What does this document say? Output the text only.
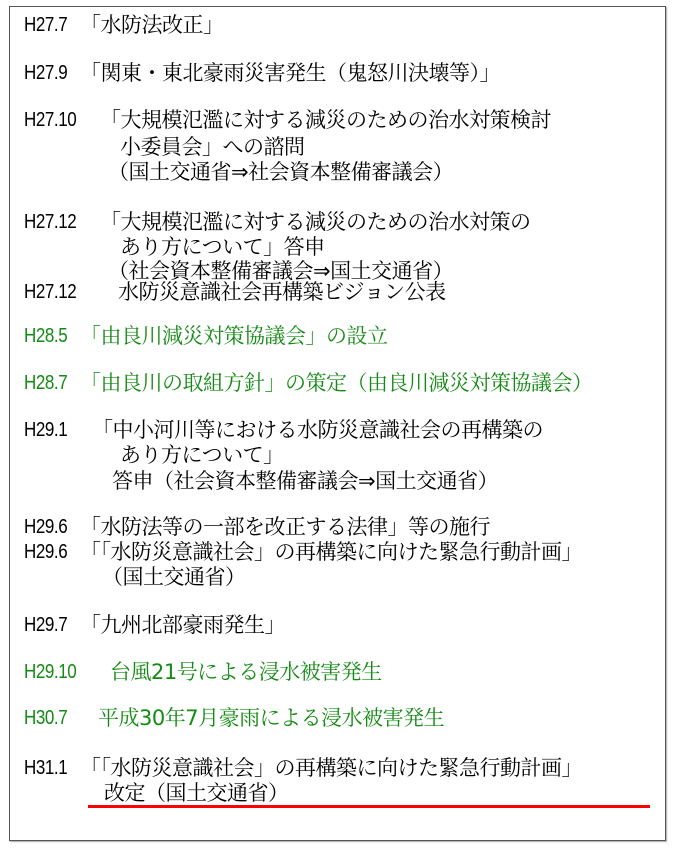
H27.7 「水防法改正」
H27.9 「関東・東北豪雨災害発生（鬼怒川決壊等）」
H27.10 「大規模氾濫に対する減災のための治水対策検討
小委員会」への諮問
（国土交通省⇒社会資本整備審議会）
H27.12 「大規模氾濫に対する減災のための治水対策の
あり方について」答申
（社会資本整備審議会⇒国土交通省）
H27.12 水防災意識社会再構築ビジョン公表
H28.5 「由良川減災対策協議会」の設立
H28.7 「由良川の取組方針」の策定（由良川減災対策協議会）
H29.1 「中小河川等における水防災意識社会の再構築の
あり方について」
答申（社会資本整備審議会⇒国土交通省）
H29.6 「水防法等の一部を改正する法律」等の施行
H29.6 「「水防災意識社会」の再構築に向けた緊急行動計画」
（国土交通省）
H29.7 「九州北部豪雨発生」
H29.10 台風21号による浸水被害発生
H30.7 平成30年7月豪雨による浸水被害発生
H31.1 「「水防災意識社会」の再構築に向けた緊急行動計画」
改定（国土交通省）
